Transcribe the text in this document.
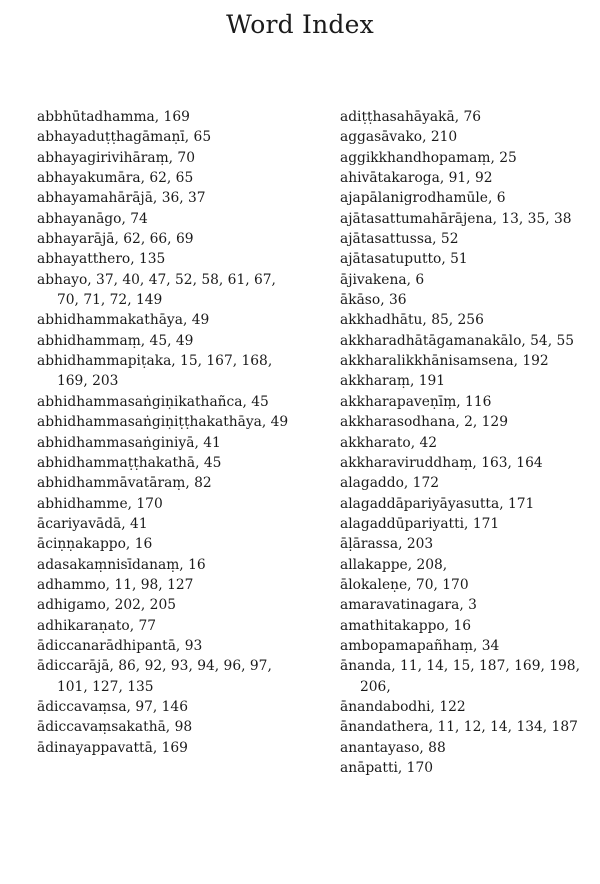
Word Index
abbhūtadhamma, 169
abhayaduṭṭhagāmaṇī, 65
abhayagirivihāraṃ, 70
abhayakumāra, 62, 65
abhayamahārājā, 36, 37
abhayanāgo, 74
abhayarājā, 62, 66, 69
abhayatthero, 135
abhayo, 37, 40, 47, 52, 58, 61, 67, 70, 71, 72, 149
abhidhammakathāya, 49
abhidhammaṃ, 45, 49
abhidhammapiṭaka, 15, 167, 168, 169, 203
abhidhammasaṅgiṇikathañca, 45
abhidhammasaṅgiṇiṭṭhakathāya, 49
abhidhammasaṅginiyā, 41
abhidhammaṭṭhakathā, 45
abhidhammāvatāraṃ, 82
abhidhamme, 170
ācariyavādā, 41
āciṇṇakappo, 16
adasakaṃnisīdanaṃ, 16
adhammo, 11, 98, 127
adhigamo, 202, 205
adhikaraṇato, 77
ādiccanarādhipantā, 93
ādiccarājā, 86, 92, 93, 94, 96, 97, 101, 127, 135
ādiccavaṃsa, 97, 146
ādiccavaṃsakathā, 98
ādinayappavattā, 169
adiṭṭhasahāyakā, 76
aggasāvako, 210
aggikkhandhopamaṃ, 25
ahivātakaroga, 91, 92
ajapālanigrodhamūle, 6
ajātasattumahārājena, 13, 35, 38
ajātasattussa, 52
ajātasatuputto, 51
ājivakena, 6
ākāso, 36
akkhadhātu, 85, 256
akkharadhātāgamanakālo, 54, 55
akkharalikkhānisamsena, 192
akkharaṃ, 191
akkharapaveṇīṃ, 116
akkharasodhana, 2, 129
akkharato, 42
akkharaviruddhaṃ, 163, 164
alagaddo, 172
alagaddāpariyāyasutta, 171
alagaddūpariyatti, 171
āḷārassa, 203
allakappe, 208,
ālokaleṇe, 70, 170
amaravatinagara, 3
amathitakappo, 16
ambopamapañhaṃ, 34
ānanda, 11, 14, 15, 187, 169, 198, 206,
ānandabodhi, 122
ānandathera, 11, 12, 14, 134, 187
anantayaso, 88
anāpatti, 170
